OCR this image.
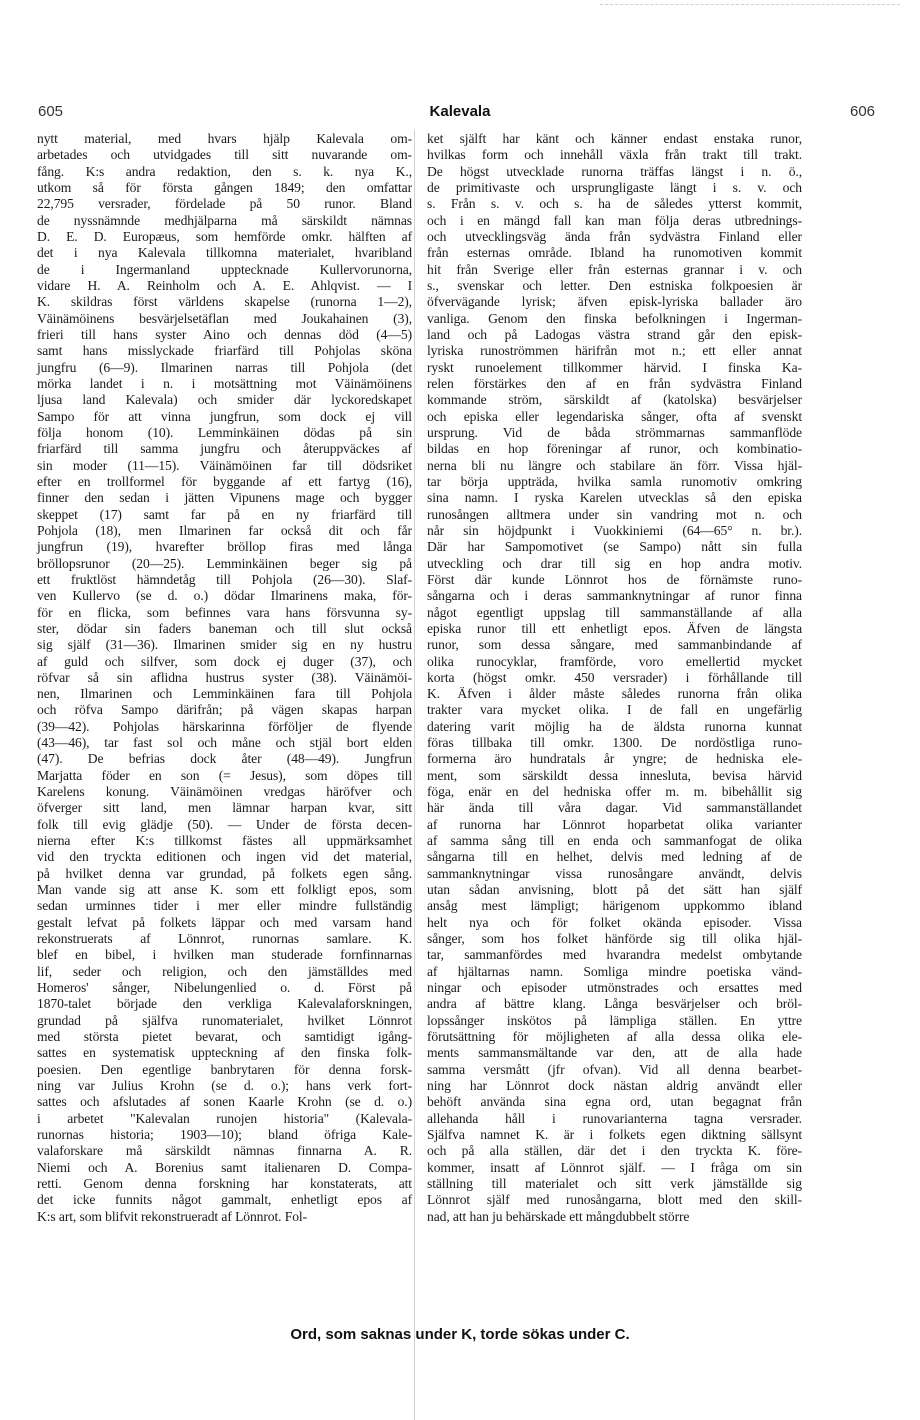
605	Kalevala	606
nytt material, med hvars hjälp Kalevala om-
arbetades och utvidgades till sitt nuvarande om-
fång. K:s andra redaktion, den s. k. nya K.,
utkom så för första gången 1849; den omfattar
22,795 versrader, fördelade på 50 runor. Bland
de nyssnämnde medhjälparna må särskildt nämnas
D. E. D. Europæus, som hemförde omkr. hälften af
det i nya Kalevala tillkomna materialet, hvaribland
de i Ingermanland upptecknade Kullervorunorna,
vidare H. A. Reinholm och A. E. Ahlqvist. — I
K. skildras först världens skapelse (runorna 1—2),
Väinämöinens besvärjelsetäflan med Joukahainen (3),
frieri till hans syster Aino och dennas död (4—5)
samt hans misslyckade friarfärd till Pohjolas sköna
jungfru (6—9). Ilmarinen narras till Pohjola (det
mörka landet i n. i motsättning mot Väinämöinens
ljusa land Kalevala) och smider där lyckoredskapet
Sampo för att vinna jungfrun, som dock ej vill
följa honom (10). Lemminkäinen dödas på sin
friarfärd till samma jungfru och återuppväckes af
sin moder (11—15). Väinämöinen far till dödsriket
efter en trollformel för byggande af ett fartyg (16),
finner den sedan i jätten Vipunens mage och bygger
skeppet (17) samt far på en ny friarfärd till
Pohjola (18), men Ilmarinen far också dit och får
jungfrun (19), hvarefter bröllop firas med långa
bröllopsrunor (20—25). Lemminkäinen beger sig på
ett fruktlöst hämndetåg till Pohjola (26—30). Slaf-
ven Kullervo (se d. o.) dödar Ilmarinens maka, för-
för en flicka, som befinnes vara hans försvunna sy-
ster, dödar sin faders baneman och till slut också
sig själf (31—36). Ilmarinen smider sig en ny hustru
af guld och silfver, som dock ej duger (37), och
röfvar så sin aflidna hustrus syster (38). Väinämöi-
nen, Ilmarinen och Lemminkäinen fara till Pohjola
och röfva Sampo därifrån; på vägen skapas harpan
(39—42). Pohjolas härskarinna förföljer de flyende
(43—46), tar fast sol och måne och stjäl bort elden
(47). De befrias dock åter (48—49). Jungfrun
Marjatta föder en son (= Jesus), som döpes till
Karelens konung. Väinämöinen vredgas häröfver och
öfverger sitt land, men lämnar harpan kvar, sitt
folk till evig glädje (50). — Under de första decen-
nierna efter K:s tillkomst fästes all uppmärksamhet
vid den tryckta editionen och ingen vid det material,
på hvilket denna var grundad, på folkets egen sång.
Man vande sig att anse K. som ett folkligt epos, som
sedan urminnes tider i mer eller mindre fullständig
gestalt lefvat på folkets läppar och med varsam hand
rekonstruerats af Lönnrot, runornas samlare. K.
blef en bibel, i hvilken man studerade fornfinnarnas
lif, seder och religion, och den jämställdes med
Homeros' sånger, Nibelungenlied o. d. Först på
1870-talet började den verkliga Kalevalaforskningen,
grundad på själfva runomaterialet, hvilket Lönnrot
med största pietet bevarat, och samtidigt igång-
sattes en systematisk uppteckning af den finska folk-
poesien. Den egentlige banbrytaren för denna forsk-
ning var Julius Krohn (se d. o.); hans verk fort-
sattes och afslutades af sonen Kaarle Krohn (se d. o.)
i arbetet "Kalevalan runojen historia" (Kalevala-
runornas historia; 1903—10); bland öfriga Kale-
valaforskare må särskildt nämnas finnarna A. R.
Niemi och A. Borenius samt italienaren D. Compa-
retti. Genom denna forskning har konstaterats, att
det icke funnits något gammalt, enhetligt epos af
K:s art, som blifvit rekonstrueradt af Lönnrot. Fol-
ket själft har känt och känner endast enstaka runor,
hvilkas form och innehåll växla från trakt till trakt.
De högst utvecklade runorna träffas längst i n. ö.,
de primitivaste och ursprungligaste längt i s. v. och
s. Från s. v. och s. ha de således ytterst kommit,
och i en mängd fall kan man följa deras utbrednings-
och utvecklingsväg ända från sydvästra Finland eller
från esternas område. Ibland ha runomotiven kommit
hit från Sverige eller från esternas grannar i v. och
s., svenskar och letter. Den estniska folkpoesien är
öfvervägande lyrisk; äfven episk-lyriska ballader äro
vanliga. Genom den finska befolkningen i Ingerman-
land och på Ladogas västra strand går den episk-
lyriska runoströmmen härifrån mot n.; ett eller annat
ryskt runoelement tillkommer härvid. I finska Ka-
relen förstärkes den af en från sydvästra Finland
kommande ström, särskildt af (katolska) besvärjelser
och episka eller legendariska sånger, ofta af svenskt
ursprung. Vid de båda strömmarnas sammanflöde
bildas en hop föreningar af runor, och kombinatio-
nerna bli nu längre och stabilare än förr. Vissa hjäl-
tar börja uppträda, hvilka samla runomotiv omkring
sina namn. I ryska Karelen utvecklas så den episka
runosången alltmera under sin vandring mot n. och
når sin höjdpunkt i Vuokkiniemi (64—65° n. br.).
Där har Sampomotivet (se Sampo) nått sin fulla
utveckling och drar till sig en hop andra motiv.
Först där kunde Lönnrot hos de förnämste runo-
sångarna och i deras sammanknytningar af runor finna
något egentligt uppslag till sammanställande af alla
episka runor till ett enhetligt epos. Äfven de längsta
runor, som dessa sångare, med sammanbindande af
olika runocyklar, framförde, voro emellertid mycket
korta (högst omkr. 450 versrader) i förhållande till
K. Äfven i ålder måste således runorna från olika
trakter vara mycket olika. I de fall en ungefärlig
datering varit möjlig ha de äldsta runorna kunnat
föras tillbaka till omkr. 1300. De nordöstliga runo-
formerna äro hundratals år yngre; de hedniska ele-
ment, som särskildt dessa innesluta, bevisa härvid
föga, enär en del hedniska offer m. m. bibehållit sig
här ända till våra dagar. Vid sammanställandet
af runorna har Lönnrot hoparbetat olika varianter
af samma sång till en enda och sammanfogat de olika
sångarna till en helhet, delvis med ledning af de
sammanknytningar vissa runosångare användt, delvis
utan sådan anvisning, blott på det sätt han själf
ansåg mest lämpligt; härigenom uppkommo ibland
helt nya och för folket okända episoder. Vissa
sånger, som hos folket hänförde sig till olika hjäl-
tar, sammanfördes med hvarandra medelst ombytande
af hjältarnas namn. Somliga mindre poetiska vänd-
ningar och episoder utmönstrades och ersattes med
andra af bättre klang. Långa besvärjelser och bröl-
lopssånger inskötos på lämpliga ställen. En yttre
förutsättning för möjligheten af alla dessa olika ele-
ments sammansmältande var den, att de alla hade
samma versmått (jfr ofvan). Vid all denna bearbet-
ning har Lönnrot dock nästan aldrig användt eller
behöft använda sina egna ord, utan begagnat från
allehanda håll i runovarianterna tagna versrader.
Själfva namnet K. är i folkets egen diktning sällsynt
och på alla ställen, där det i den tryckta K. före-
kommer, insatt af Lönnrot själf. — I fråga om sin
ställning till materialet och sitt verk jämställde sig
Lönnrot själf med runosångarna, blott med den skill-
nad, att han ju behärskade ett mångdubbelt större
Ord, som saknas under K, torde sökas under C.
